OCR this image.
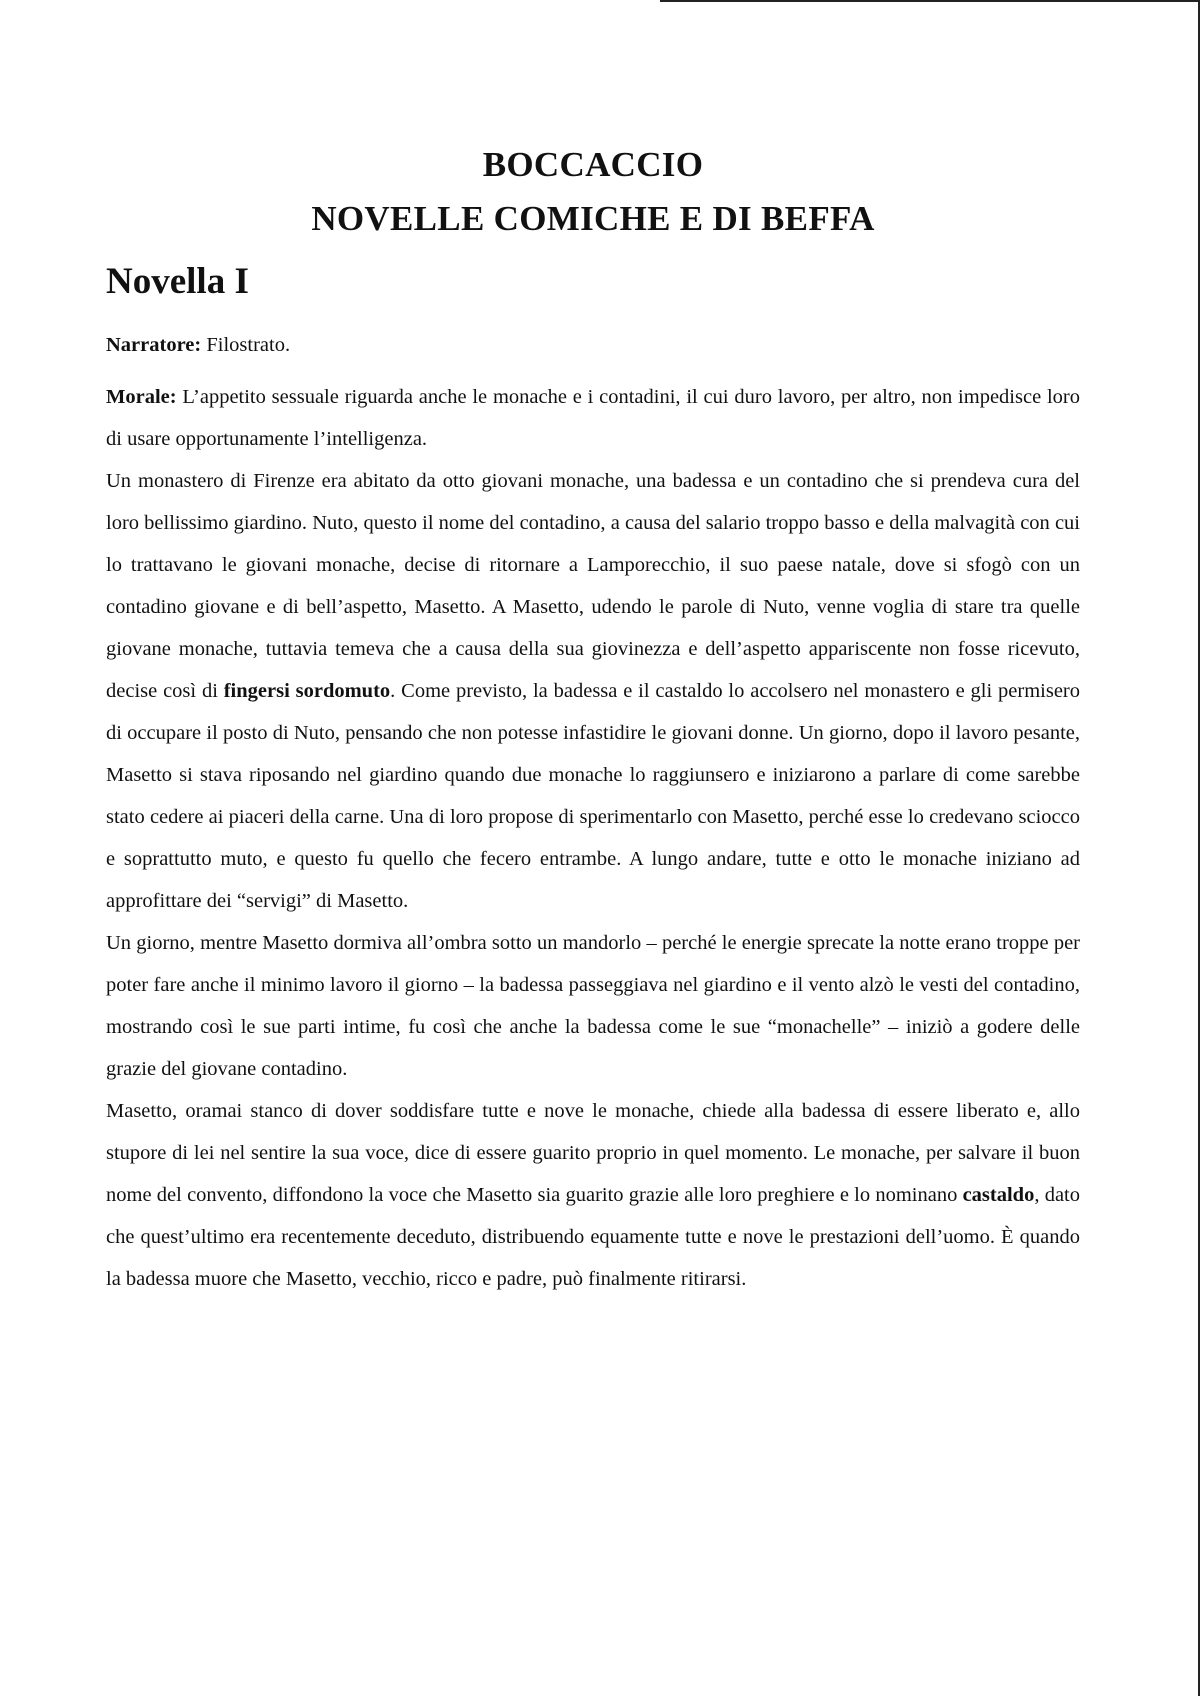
BOCCACCIO
NOVELLE COMICHE E DI BEFFA
Novella I

Narratore: Filostrato.

Morale: L’appetito sessuale riguarda anche le monache e i contadini, il cui duro lavoro, per altro, non impedisce loro di usare opportunamente l’intelligenza.

Un monastero di Firenze era abitato da otto giovani monache, una badessa e un contadino che si prendeva cura del loro bellissimo giardino. Nuto, questo il nome del contadino, a causa del salario troppo basso e della malvagità con cui lo trattavano le giovani monache, decise di ritornare a Lamporecchio, il suo paese natale, dove si sfogò con un contadino giovane e di bell’aspetto, Masetto. A Masetto, udendo le parole di Nuto, venne voglia di stare tra quelle giovane monache, tuttavia temeva che a causa della sua giovinezza e dell’aspetto appariscente non fosse ricevuto, decise così di fingersi sordomuto. Come previsto, la badessa e il castaldo lo accolsero nel monastero e gli permisero di occupare il posto di Nuto, pensando che non potesse infastidire le giovani donne. Un giorno, dopo il lavoro pesante, Masetto si stava riposando nel giardino quando due monache lo raggiunsero e iniziarono a parlare di come sarebbe stato cedere ai piaceri della carne. Una di loro propose di sperimentarlo con Masetto, perché esse lo credevano sciocco e soprattutto muto, e questo fu quello che fecero entrambe. A lungo andare, tutte e otto le monache iniziano ad approfittare dei “servigi” di Masetto.

Un giorno, mentre Masetto dormiva all’ombra sotto un mandorlo – perché le energie sprecate la notte erano troppe per poter fare anche il minimo lavoro il giorno – la badessa passeggiava nel giardino e il vento alzò le vesti del contadino, mostrando così le sue parti intime, fu così che anche la badessa come le sue “monachelle” – iniziò a godere delle grazie del giovane contadino.

Masetto, oramai stanco di dover soddisfare tutte e nove le monache, chiede alla badessa di essere liberato e, allo stupore di lei nel sentire la sua voce, dice di essere guarito proprio in quel momento. Le monache, per salvare il buon nome del convento, diffondono la voce che Masetto sia guarito grazie alle loro preghiere e lo nominano castaldo, dato che quest’ultimo era recentemente deceduto, distribuendo equamente tutte e nove le prestazioni dell’uomo. È quando la badessa muore che Masetto, vecchio, ricco e padre, può finalmente ritirarsi.
